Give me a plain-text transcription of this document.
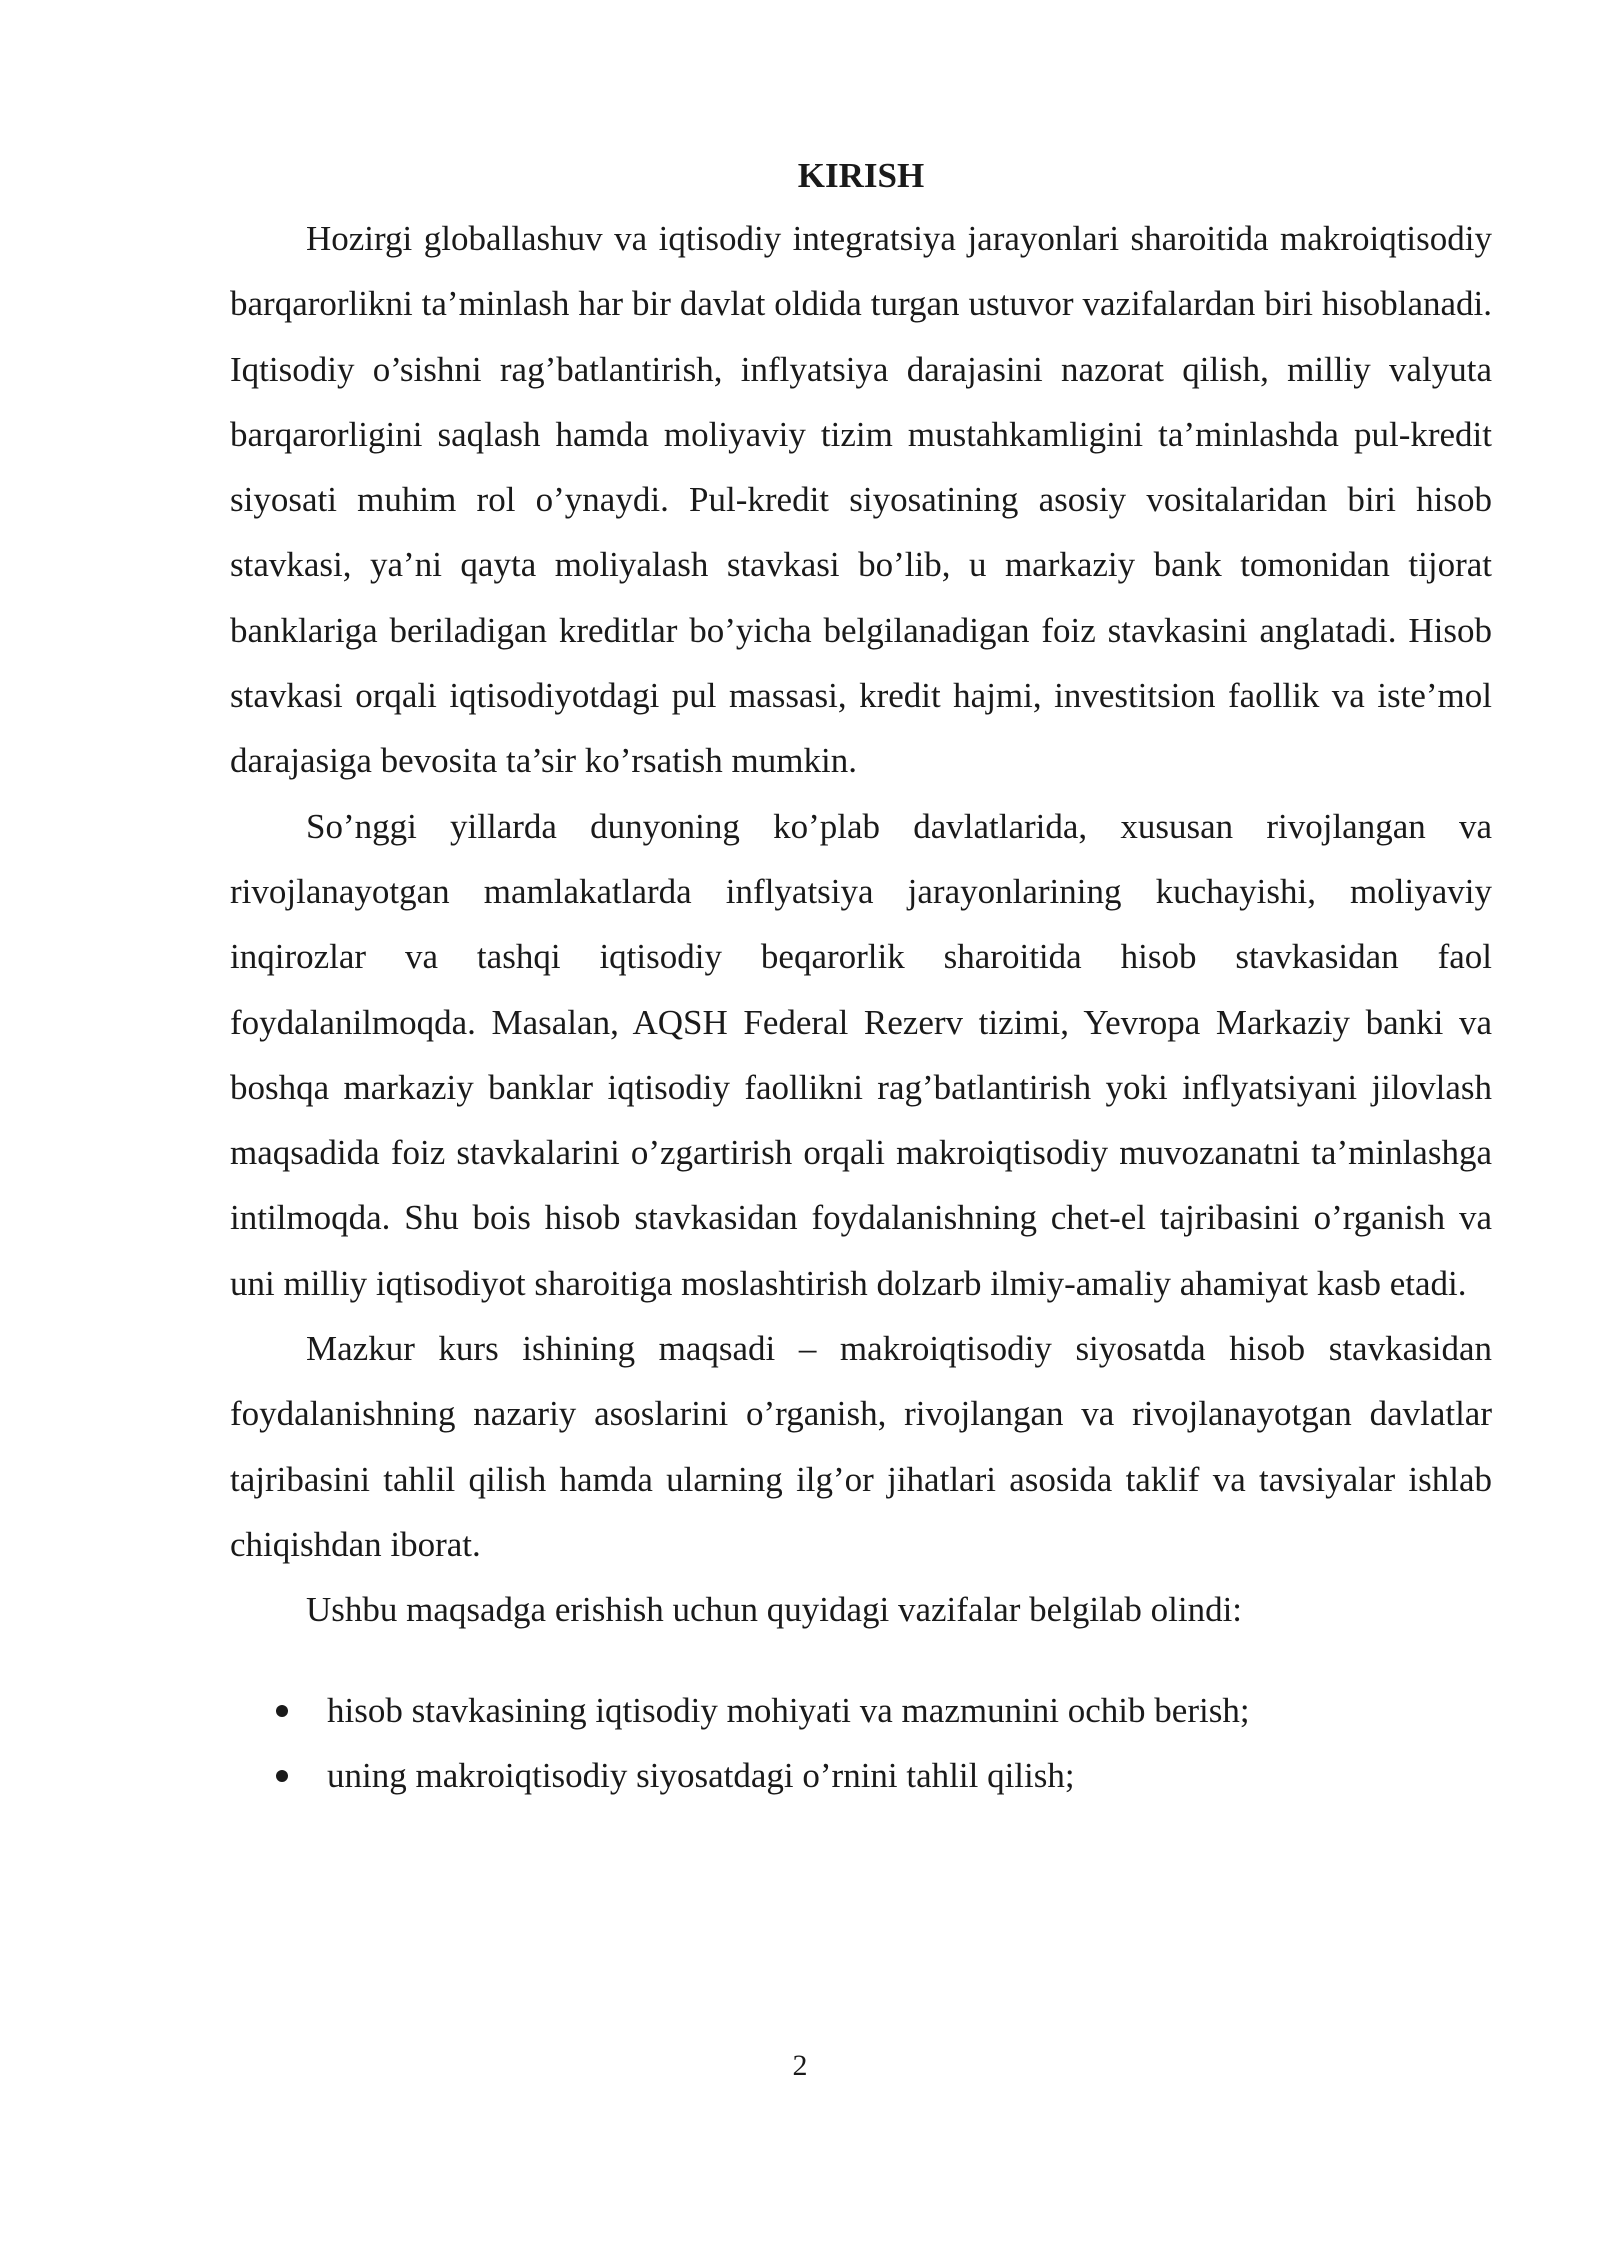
KIRISH

Hozirgi globallashuv va iqtisodiy integratsiya jarayonlari sharoitida makroiqtisodiy barqarorlikni ta’minlash har bir davlat oldida turgan ustuvor vazifalardan biri hisoblanadi. Iqtisodiy o’sishni rag’batlantirish, inflyatsiya darajasini nazorat qilish, milliy valyuta barqarorligini saqlash hamda moliyaviy tizim mustahkamligini ta’minlashda pul-kredit siyosati muhim rol o’ynaydi. Pul-kredit siyosatining asosiy vositalaridan biri hisob stavkasi, ya’ni qayta moliyalash stavkasi bo’lib, u markaziy bank tomonidan tijorat banklariga beriladigan kreditlar bo’yicha belgilanadigan foiz stavkasini anglatadi. Hisob stavkasi orqali iqtisodiyotdagi pul massasi, kredit hajmi, investitsion faollik va iste’mol darajasiga bevosita ta’sir ko’rsatish mumkin.

So’nggi yillarda dunyoning ko’plab davlatlarida, xususan rivojlangan va rivojlanayotgan mamlakatlarda inflyatsiya jarayonlarining kuchayishi, moliyaviy inqirozlar va tashqi iqtisodiy beqarorlik sharoitida hisob stavkasidan faol foydalanilmoqda. Masalan, AQSH Federal Rezerv tizimi, Yevropa Markaziy banki va boshqa markaziy banklar iqtisodiy faollikni rag’batlantirish yoki inflyatsiyani jilovlash maqsadida foiz stavkalarini o’zgartirish orqali makroiqtisodiy muvozanatni ta’minlashga intilmoqda. Shu bois hisob stavkasidan foydalanishning chet-el tajribasini o’rganish va uni milliy iqtisodiyot sharoitiga moslashtirish dolzarb ilmiy-amaliy ahamiyat kasb etadi.

Mazkur kurs ishining maqsadi – makroiqtisodiy siyosatda hisob stavkasidan foydalanishning nazariy asoslarini o’rganish, rivojlangan va rivojlanayotgan davlatlar tajribasini tahlil qilish hamda ularning ilg’or jihatlari asosida taklif va tavsiyalar ishlab chiqishdan iborat.

Ushbu maqsadga erishish uchun quyidagi vazifalar belgilab olindi:

hisob stavkasining iqtisodiy mohiyati va mazmunini ochib berish;
uning makroiqtisodiy siyosatdagi o’rnini tahlil qilish;
2
